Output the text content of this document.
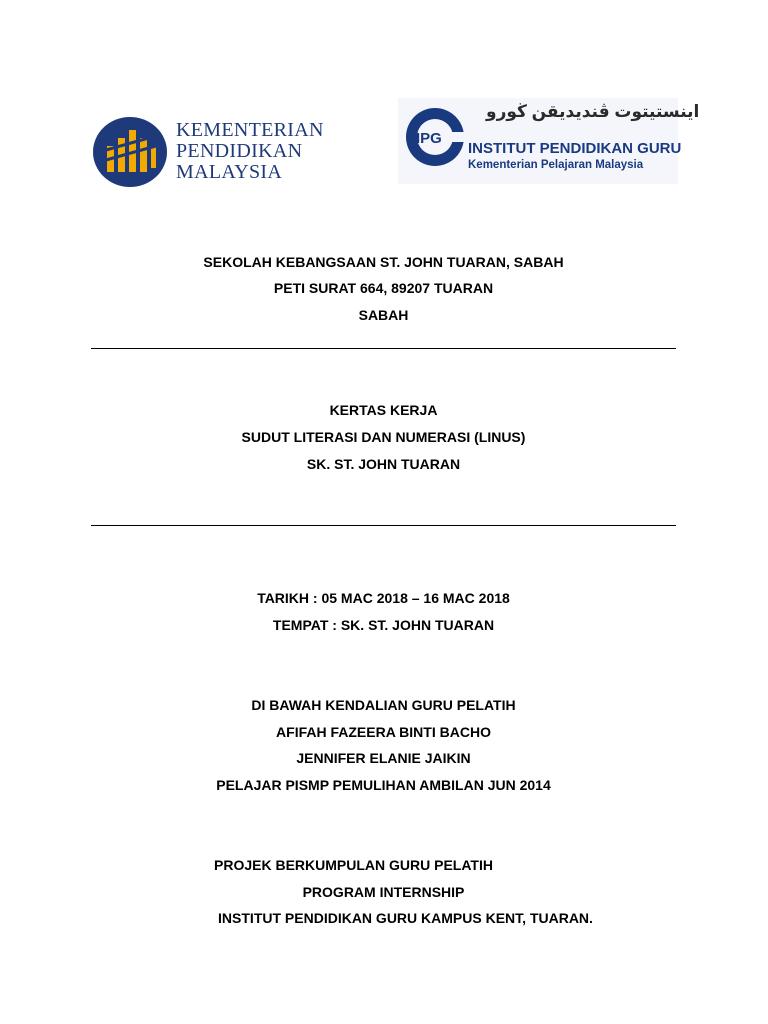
KEMENTERIAN
PENDIDIKAN
MALAYSIA
IPG
اينستيتوت ڤنديديقن ڬورو
INSTITUT PENDIDIKAN GURU
Kementerian Pelajaran Malaysia
SEKOLAH KEBANGSAAN ST. JOHN TUARAN, SABAH
PETI SURAT 664, 89207 TUARAN
SABAH
KERTAS KERJA
SUDUT LITERASI DAN NUMERASI (LINUS)
SK. ST. JOHN TUARAN
TARIKH : 05 MAC 2018 – 16 MAC 2018
TEMPAT : SK. ST. JOHN TUARAN
DI BAWAH KENDALIAN GURU PELATIH
AFIFAH FAZEERA BINTI BACHO
JENNIFER ELANIE JAIKIN
PELAJAR PISMP PEMULIHAN AMBILAN JUN 2014
PROJEK BERKUMPULAN GURU PELATIH
PROGRAM INTERNSHIP
INSTITUT PENDIDIKAN GURU KAMPUS KENT, TUARAN.
